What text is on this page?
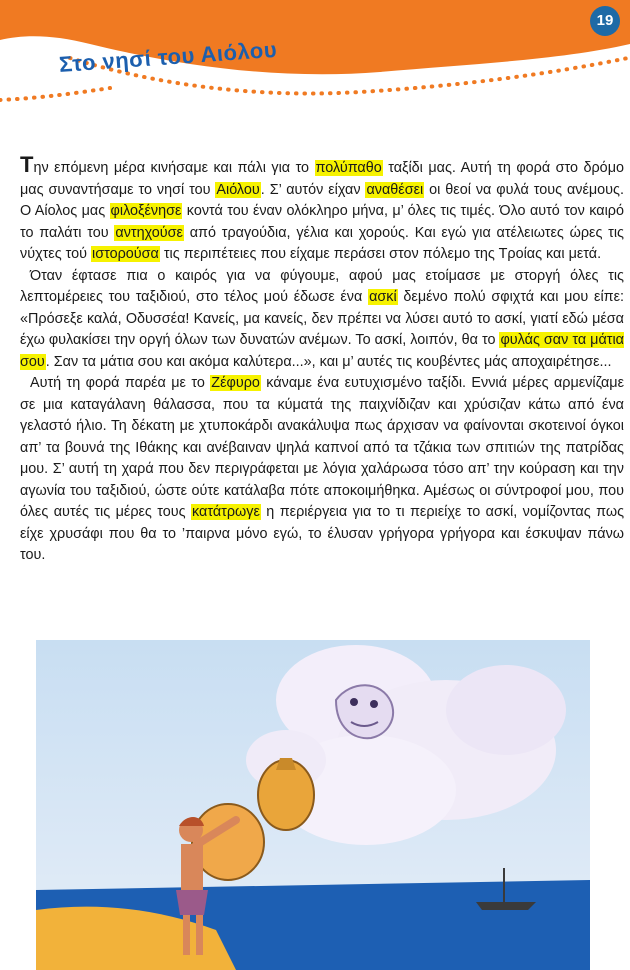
19
Στο νησί του Αιόλου

Την επόμενη μέρα κινήσαμε και πάλι για το πολύπαθο ταξίδι μας. Αυτή τη φορά στο δρόμο μας συναντήσαμε το νησί του Αιόλου. Σ’ αυτόν είχαν αναθέσει οι θεοί να φυλά τους ανέμους. Ο Αίολος μας φιλοξένησε κοντά του έναν ολόκληρο μήνα, μ’ όλες τις τιμές. Όλο αυτό τον καιρό το παλάτι του αντηχούσε από τραγούδια, γέλια και χορούς. Και εγώ για ατέλειωτες ώρες τις νύχτες τού ιστορούσα τις περιπέτειες που είχαμε περάσει στον πόλεμο της Τροίας και μετά.

Όταν έφτασε πια ο καιρός για να φύγουμε, αφού μας ετοίμασε με στοργή όλες τις λεπτομέρειες του ταξιδιού, στο τέλος μού έδωσε ένα ασκί δεμένο πολύ σφιχτά και μου είπε: «Πρόσεξε καλά, Οδυσσέα! Κανείς, μα κανείς, δεν πρέπει να λύσει αυτό το ασκί, γιατί εδώ μέσα έχω φυλακίσει την οργή όλων των δυνατών ανέμων. Το ασκί, λοιπόν, θα το φυλάς σαν τα μάτια σου. Σαν τα μάτια σου και ακόμα καλύτερα...», και μ’ αυτές τις κουβέντες μάς αποχαιρέτησε...

Αυτή τη φορά παρέα με το Ζέφυρο κάναμε ένα ευτυχισμένο ταξίδι. Εννιά μέρες αρμενίζαμε σε μια καταγάλανη θάλασσα, που τα κύματά της παιχνίδιζαν και χρύσιζαν κάτω από ένα γελαστό ήλιο. Τη δέκατη με χτυποκάρδι ανακάλυψα πως άρχισαν να φαίνονται σκοτεινοί όγκοι απ’ τα βουνά της Ιθάκης και ανέβαιναν ψηλά καπνοί από τα τζάκια των σπιτιών της πατρίδας μου. Σ’ αυτή τη χαρά που δεν περιγράφεται με λόγια χαλάρωσα τόσο απ’ την κούραση και την αγωνία του ταξιδιού, ώστε ούτε κατάλαβα πότε αποκοιμήθηκα. Αμέσως οι σύντροφοί μου, που όλες αυτές τις μέρες τους κατάτρωγε η περιέργεια για το τι περιείχε το ασκί, νομίζοντας πως είχε χρυσάφι που θα το ’παιρνα μόνο εγώ, το έλυσαν γρήγορα γρήγορα και έσκυψαν πάνω του.
